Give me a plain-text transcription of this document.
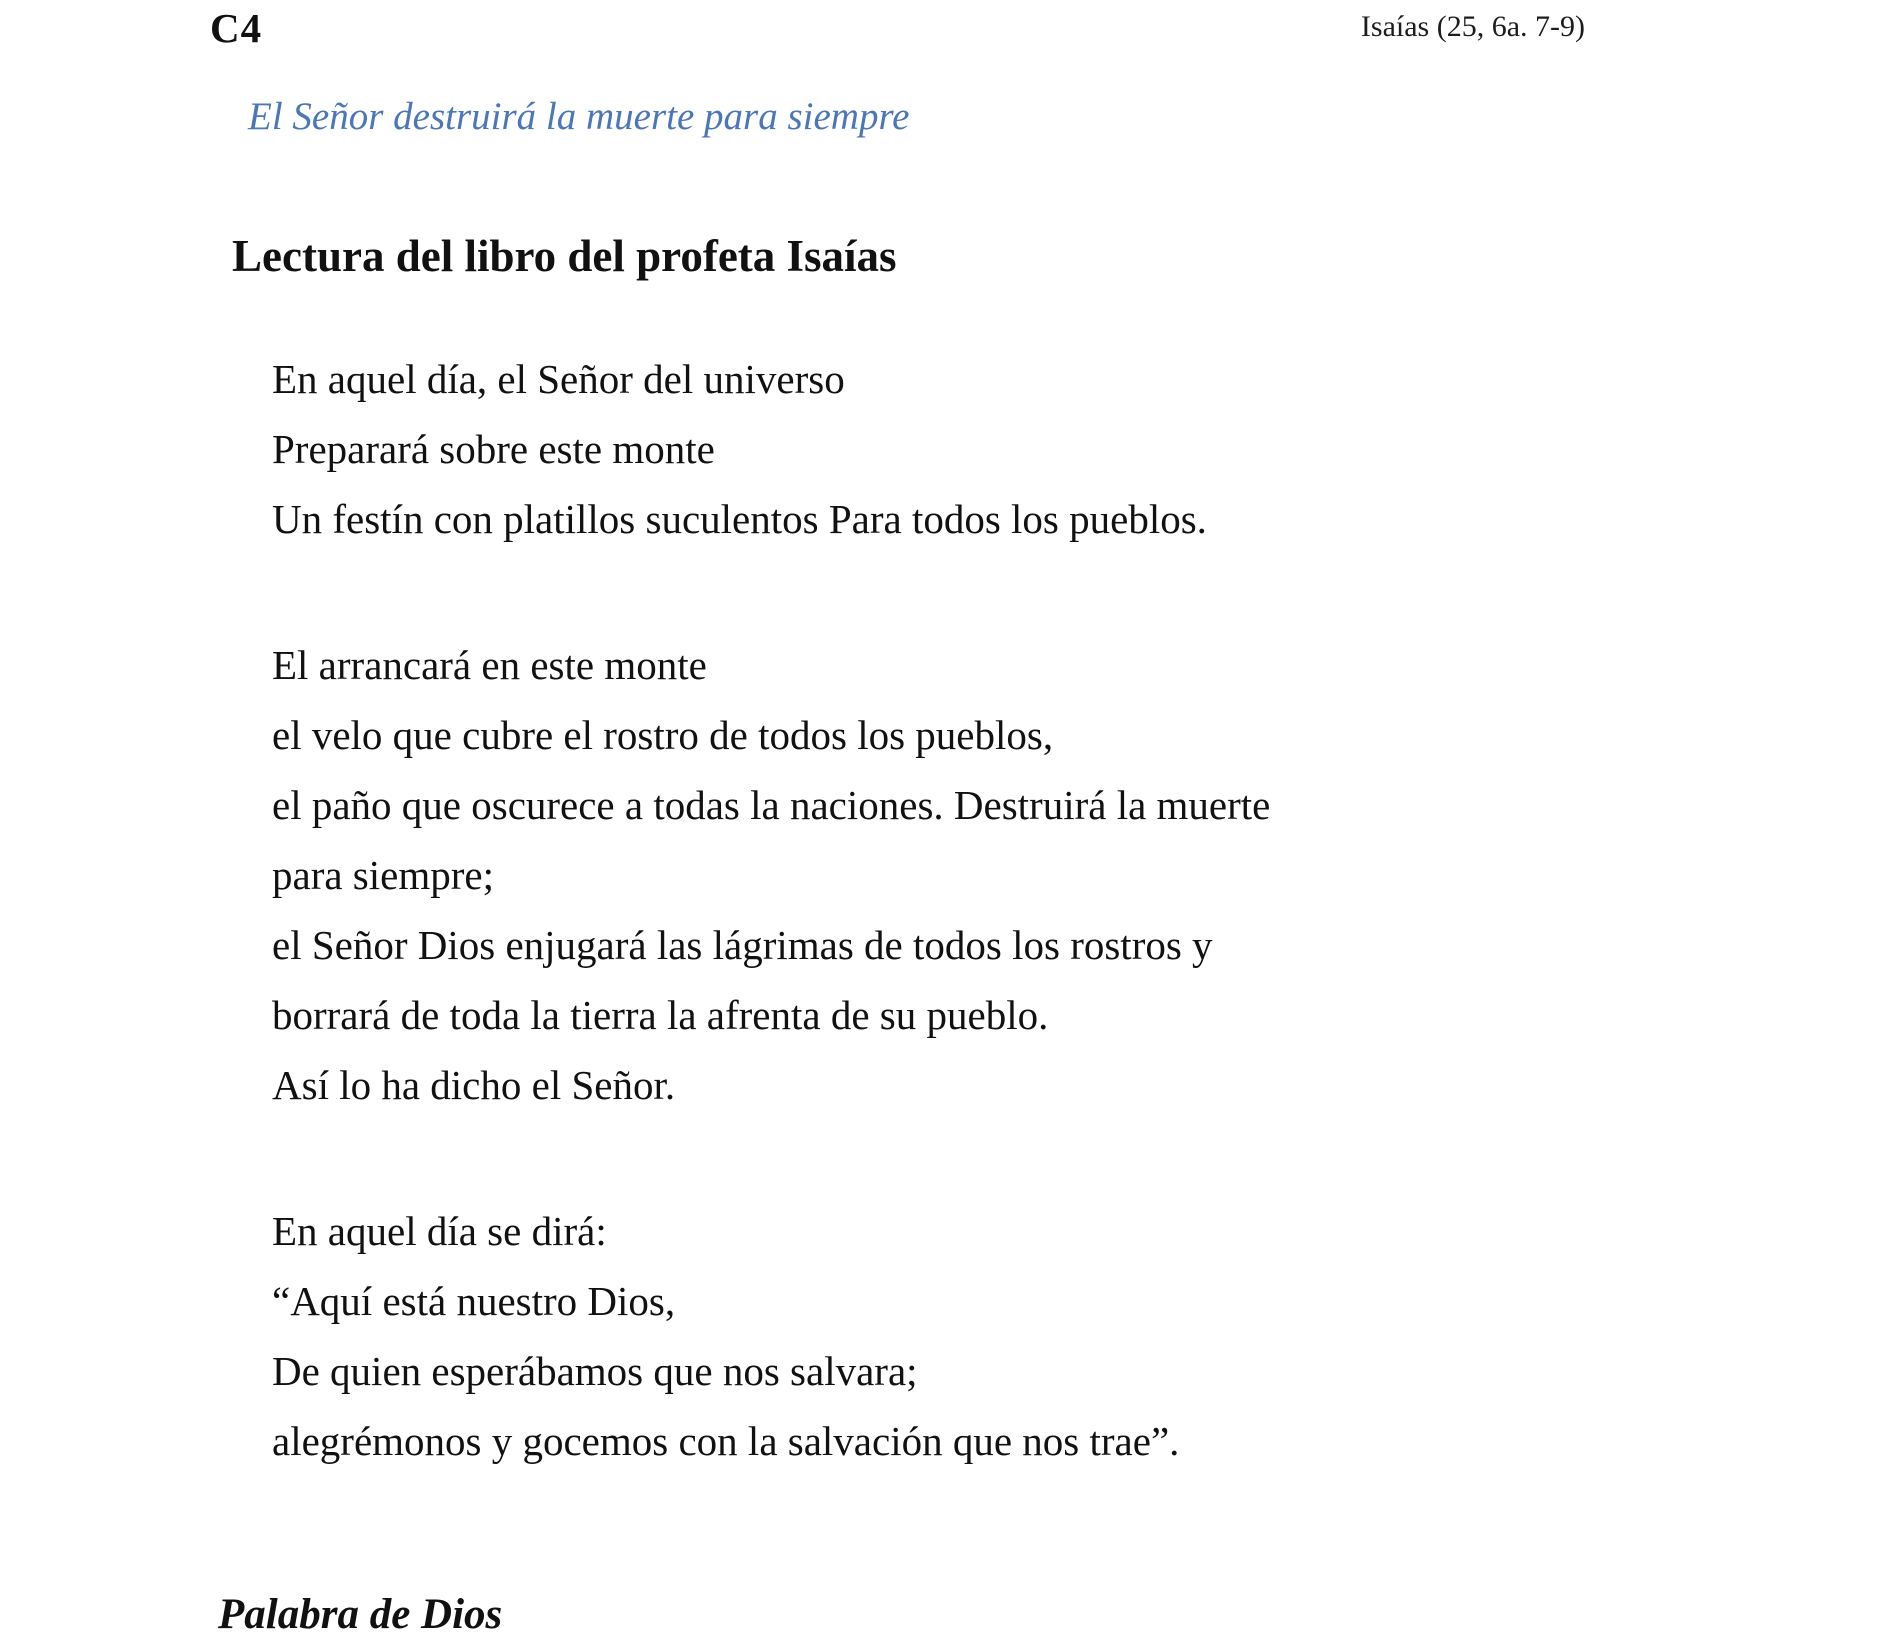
C4	Isaías (25, 6a. 7-9)
El Señor destruirá la muerte para siempre
Lectura del libro del profeta Isaías
En aquel día, el Señor del universo
Preparará sobre este monte
Un festín con platillos suculentos Para todos los pueblos.
El arrancará en este monte
el velo que cubre el rostro de todos los pueblos,
el paño que oscurece a todas la naciones. Destruirá la muerte
para siempre;
el Señor Dios enjugará las lágrimas de todos los rostros y
borrará de toda la tierra la afrenta de su pueblo.
Así lo ha dicho el Señor.
En aquel día se dirá:
“Aquí está nuestro Dios,
De quien esperábamos que nos salvara;
alegrémonos y gocemos con la salvación que nos trae”.
Palabra de Dios
